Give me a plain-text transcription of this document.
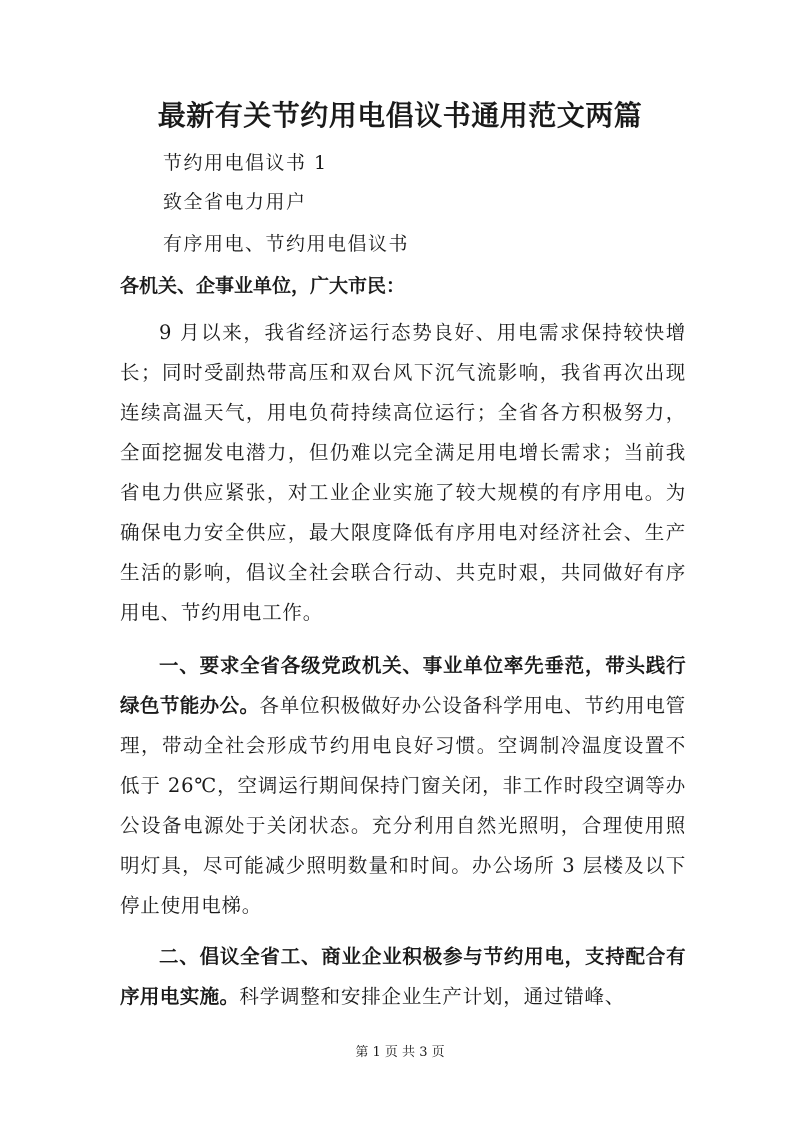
最新有关节约用电倡议书通用范文两篇
节约用电倡议书 1
致全省电力用户
有序用电、节约用电倡议书
各机关、企事业单位，广大市民：

9 月以来，我省经济运行态势良好、用电需求保持较快增长；同时受副热带高压和双台风下沉气流影响，我省再次出现连续高温天气，用电负荷持续高位运行；全省各方积极努力，全面挖掘发电潜力，但仍难以完全满足用电增长需求；当前我省电力供应紧张，对工业企业实施了较大规模的有序用电。为确保电力安全供应，最大限度降低有序用电对经济社会、生产生活的影响，倡议全社会联合行动、共克时艰，共同做好有序用电、节约用电工作。

一、要求全省各级党政机关、事业单位率先垂范，带头践行绿色节能办公。各单位积极做好办公设备科学用电、节约用电管理，带动全社会形成节约用电良好习惯。空调制冷温度设置不低于 26℃，空调运行期间保持门窗关闭，非工作时段空调等办公设备电源处于关闭状态。充分利用自然光照明，合理使用照明灯具，尽可能减少照明数量和时间。办公场所 3 层楼及以下停止使用电梯。

二、倡议全省工、商业企业积极参与节约用电，支持配合有序用电实施。科学调整和安排企业生产计划，通过错峰、

第 1 页 共 3 页
